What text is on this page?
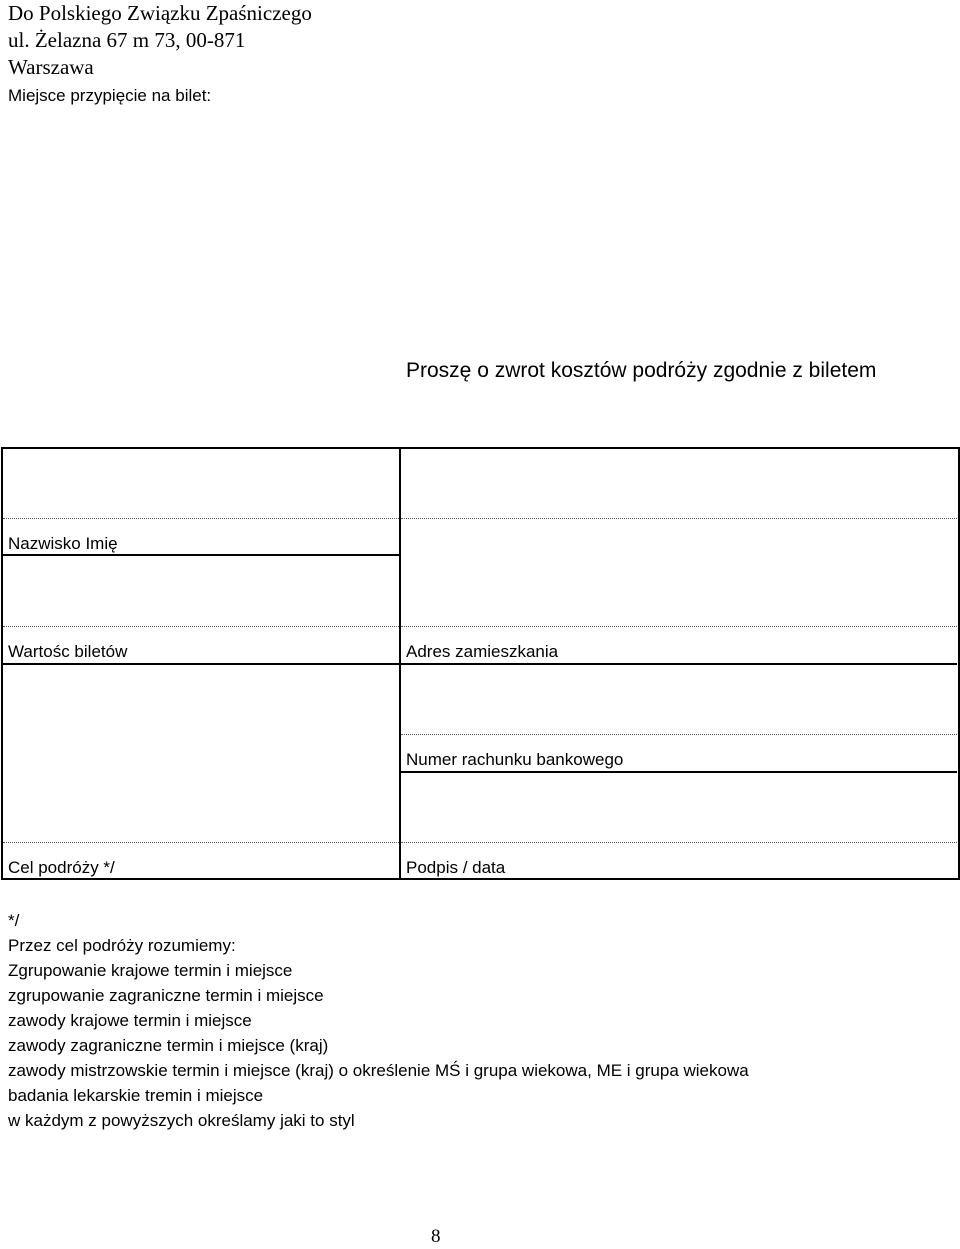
Do Polskiego Związku Zpaśniczego
ul. Żelazna 67 m 73, 00-871
Warszawa
Miejsce przypięcie na bilet:
Proszę o zwrot kosztów podróży zgodnie z biletem
Nazwisko Imię
Wartośc biletów	Adres zamieszkania
Numer rachunku bankowego
Cel podróży */	Podpis / data
*/
Przez cel podróży rozumiemy:
Zgrupowanie krajowe termin i miejsce
zgrupowanie zagraniczne termin i miejsce
zawody krajowe termin i miejsce
zawody zagraniczne termin i miejsce (kraj)
zawody mistrzowskie termin i miejsce (kraj) o określenie MŚ i grupa wiekowa, ME i grupa wiekowa
badania lekarskie tremin i miejsce
w każdym z powyższych określamy jaki to styl
8
